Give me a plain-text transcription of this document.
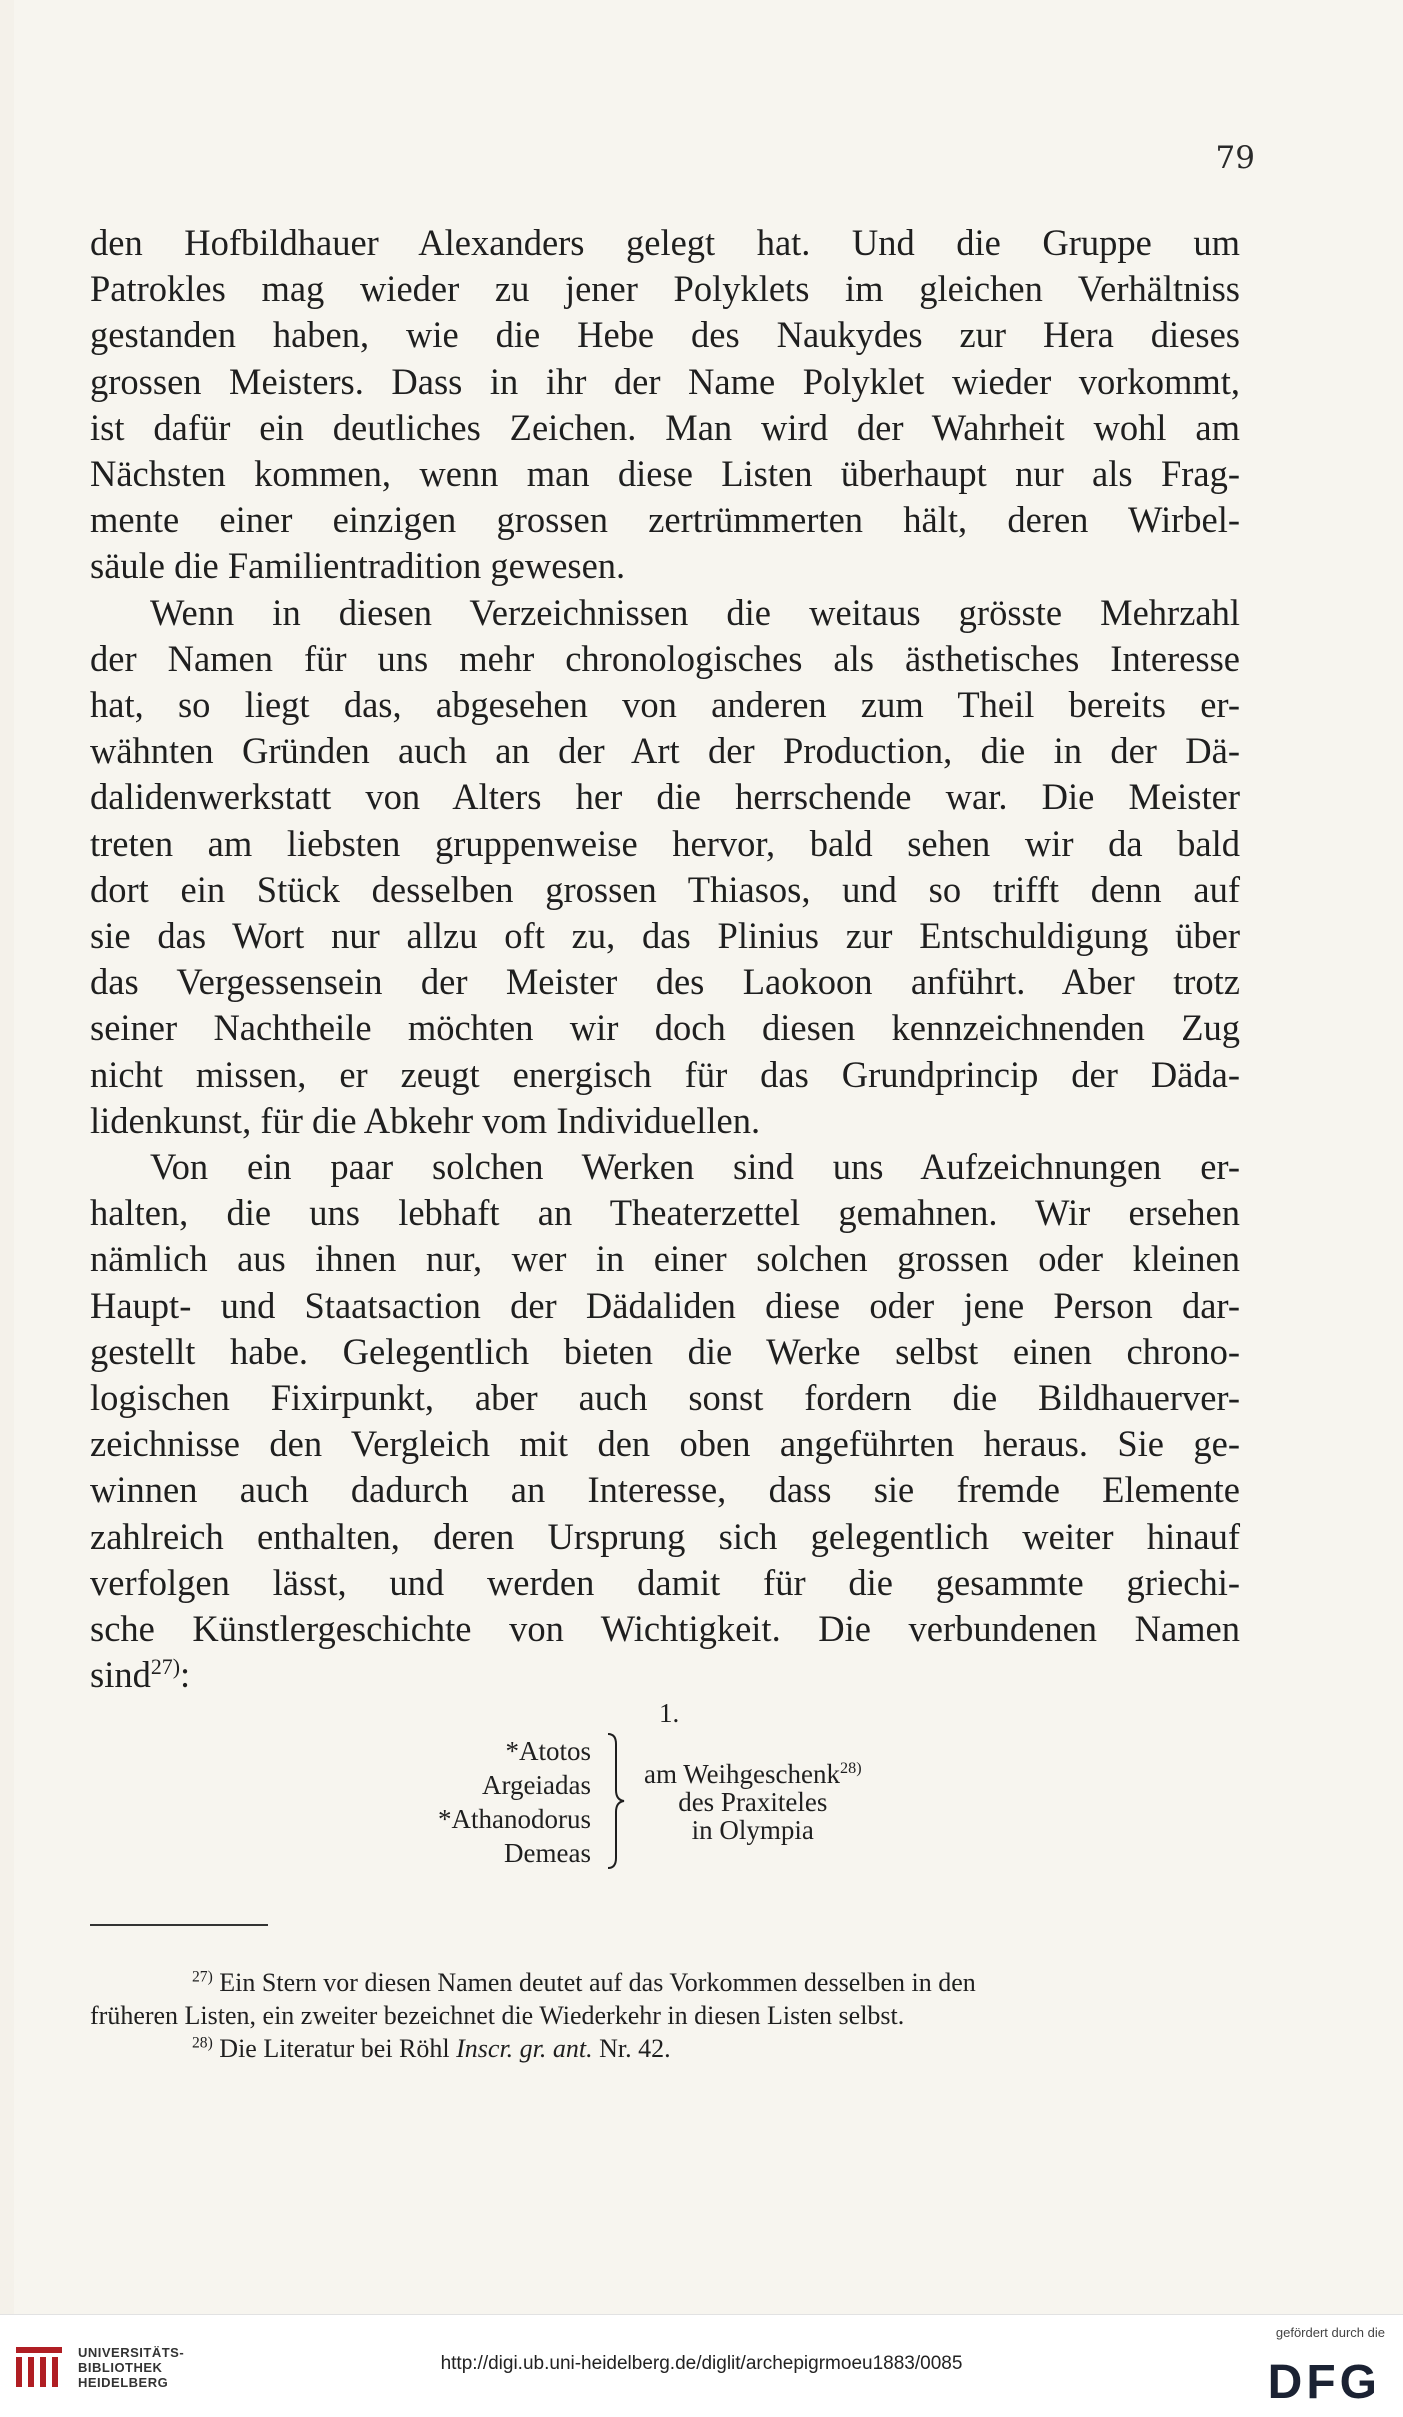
79

den Hofbildhauer Alexanders gelegt hat. Und die Gruppe um
Patrokles mag wieder zu jener Polyklets im gleichen Verhältniss
gestanden haben, wie die Hebe des Naukydes zur Hera dieses
grossen Meisters. Dass in ihr der Name Polyklet wieder vorkommt,
ist dafür ein deutliches Zeichen. Man wird der Wahrheit wohl am
Nächsten kommen, wenn man diese Listen überhaupt nur als Frag-
mente einer einzigen grossen zertrümmerten hält, deren Wirbel-
säule die Familientradition gewesen.

Wenn in diesen Verzeichnissen die weitaus grösste Mehrzahl
der Namen für uns mehr chronologisches als ästhetisches Interesse
hat, so liegt das, abgesehen von anderen zum Theil bereits er-
wähnten Gründen auch an der Art der Production, die in der Dä-
dalidenwerkstatt von Alters her die herrschende war. Die Meister
treten am liebsten gruppenweise hervor, bald sehen wir da bald
dort ein Stück desselben grossen Thiasos, und so trifft denn auf
sie das Wort nur allzu oft zu, das Plinius zur Entschuldigung über
das Vergessensein der Meister des Laokoon anführt. Aber trotz
seiner Nachtheile möchten wir doch diesen kennzeichnenden Zug
nicht missen, er zeugt energisch für das Grundprincip der Däda-
lidenkunst, für die Abkehr vom Individuellen.

Von ein paar solchen Werken sind uns Aufzeichnungen er-
halten, die uns lebhaft an Theaterzettel gemahnen. Wir ersehen
nämlich aus ihnen nur, wer in einer solchen grossen oder kleinen
Haupt- und Staatsaction der Dädaliden diese oder jene Person dar-
gestellt habe. Gelegentlich bieten die Werke selbst einen chrono-
logischen Fixirpunkt, aber auch sonst fordern die Bildhauerver-
zeichnisse den Vergleich mit den oben angeführten heraus. Sie ge-
winnen auch dadurch an Interesse, dass sie fremde Elemente
zahlreich enthalten, deren Ursprung sich gelegentlich weiter hinauf
verfolgen lässt, und werden damit für die gesammte griechi-
sche Künstlergeschichte von Wichtigkeit. Die verbundenen Namen
sind$^{27)}$:

1.
*Atotos
Argeiadas
*Athanodorus
Demeas
am Weihgeschenk$^{28)}$
des Praxiteles
in Olympia

$^{27)}$ Ein Stern vor diesen Namen deutet auf das Vorkommen desselben in den

früheren Listen, ein zweiter bezeichnet die Wiederkehr in diesen Listen selbst.

$^{28)}$ Die Literatur bei Röhl Inscr. gr. ant. Nr. 42.

UNIVERSITÄTS-
BIBLIOTHEK
HEIDELBERG
http://digi.ub.uni-heidelberg.de/diglit/archepigrmoeu1883/0085
gefördert durch die
DFG
